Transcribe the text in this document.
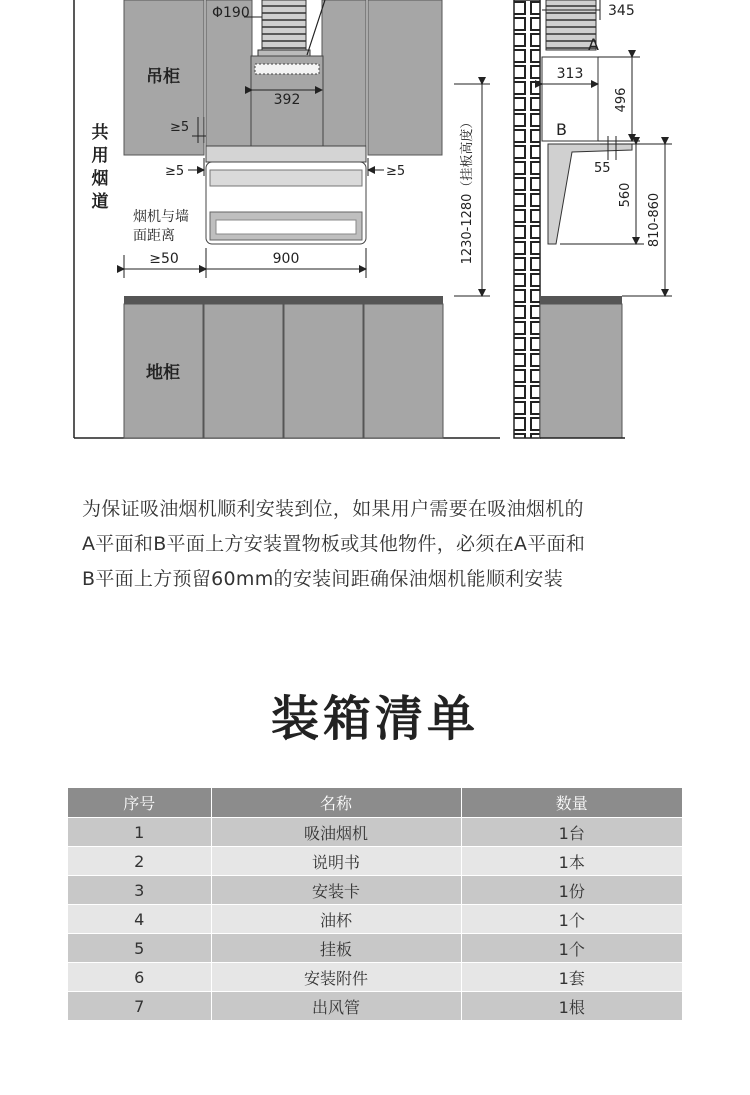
吊柜
共
用
烟
道
Φ190
392
≥5
≥5	≥5
烟机与墙
面距离
≥50	900
地柜
1230-1280（挂板高度）
345
A
313
B
496
55
560 810-860
为保证吸油烟机顺利安装到位，如果用户需要在吸油烟机的
A平面和B平面上方安装置物板或其他物件，必须在A平面和
B平面上方预留60mm的安装间距确保油烟机能顺利安装
装箱清单
序号	名称	数量
1	吸油烟机	1台
2	说明书	1本
3	安装卡	1份
4	油杯	1个
5	挂板	1个
6	安装附件	1套
7	出风管	1根
